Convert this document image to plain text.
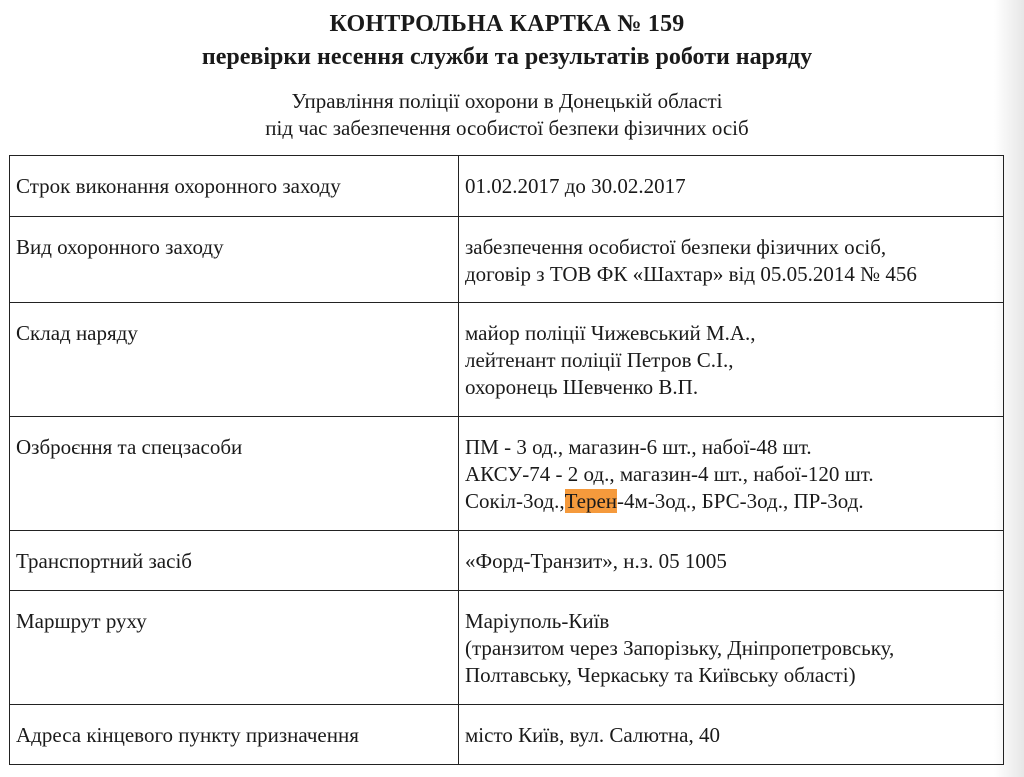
КОНТРОЛЬНА КАРТКА № 159
перевірки несення служби та результатів роботи наряду
Управління поліції охорони в Донецькій області
під час забезпечення особистої безпеки фізичних осіб
Строк виконання охоронного заходу	01.02.2017 до 30.02.2017

Вид охоронного заходу	забезпечення особистої безпеки фізичних осіб,
договір з ТОВ ФК «Шахтар» від 05.05.2014 № 456

Склад наряду	майор поліції Чижевський М.А.,
лейтенант поліції Петров С.І.,
охоронець Шевченко В.П.

Озброєння та спецзасоби	ПМ - 3 од., магазин-6 шт., набої-48 шт.
АКСУ-74 - 2 од., магазин-4 шт., набої-120 шт.
Сокіл-3од.,Терен-4м-3од., БРС-3од., ПР-3од.

Транспортний засіб	«Форд-Транзит», н.з. 05 1005

Маршрут руху	Маріуполь-Київ
(транзитом через Запорізьку, Дніпропетровську,
Полтавську, Черкаську та Київську області)

Адреса кінцевого пункту призначення	місто Київ, вул. Салютна, 40
